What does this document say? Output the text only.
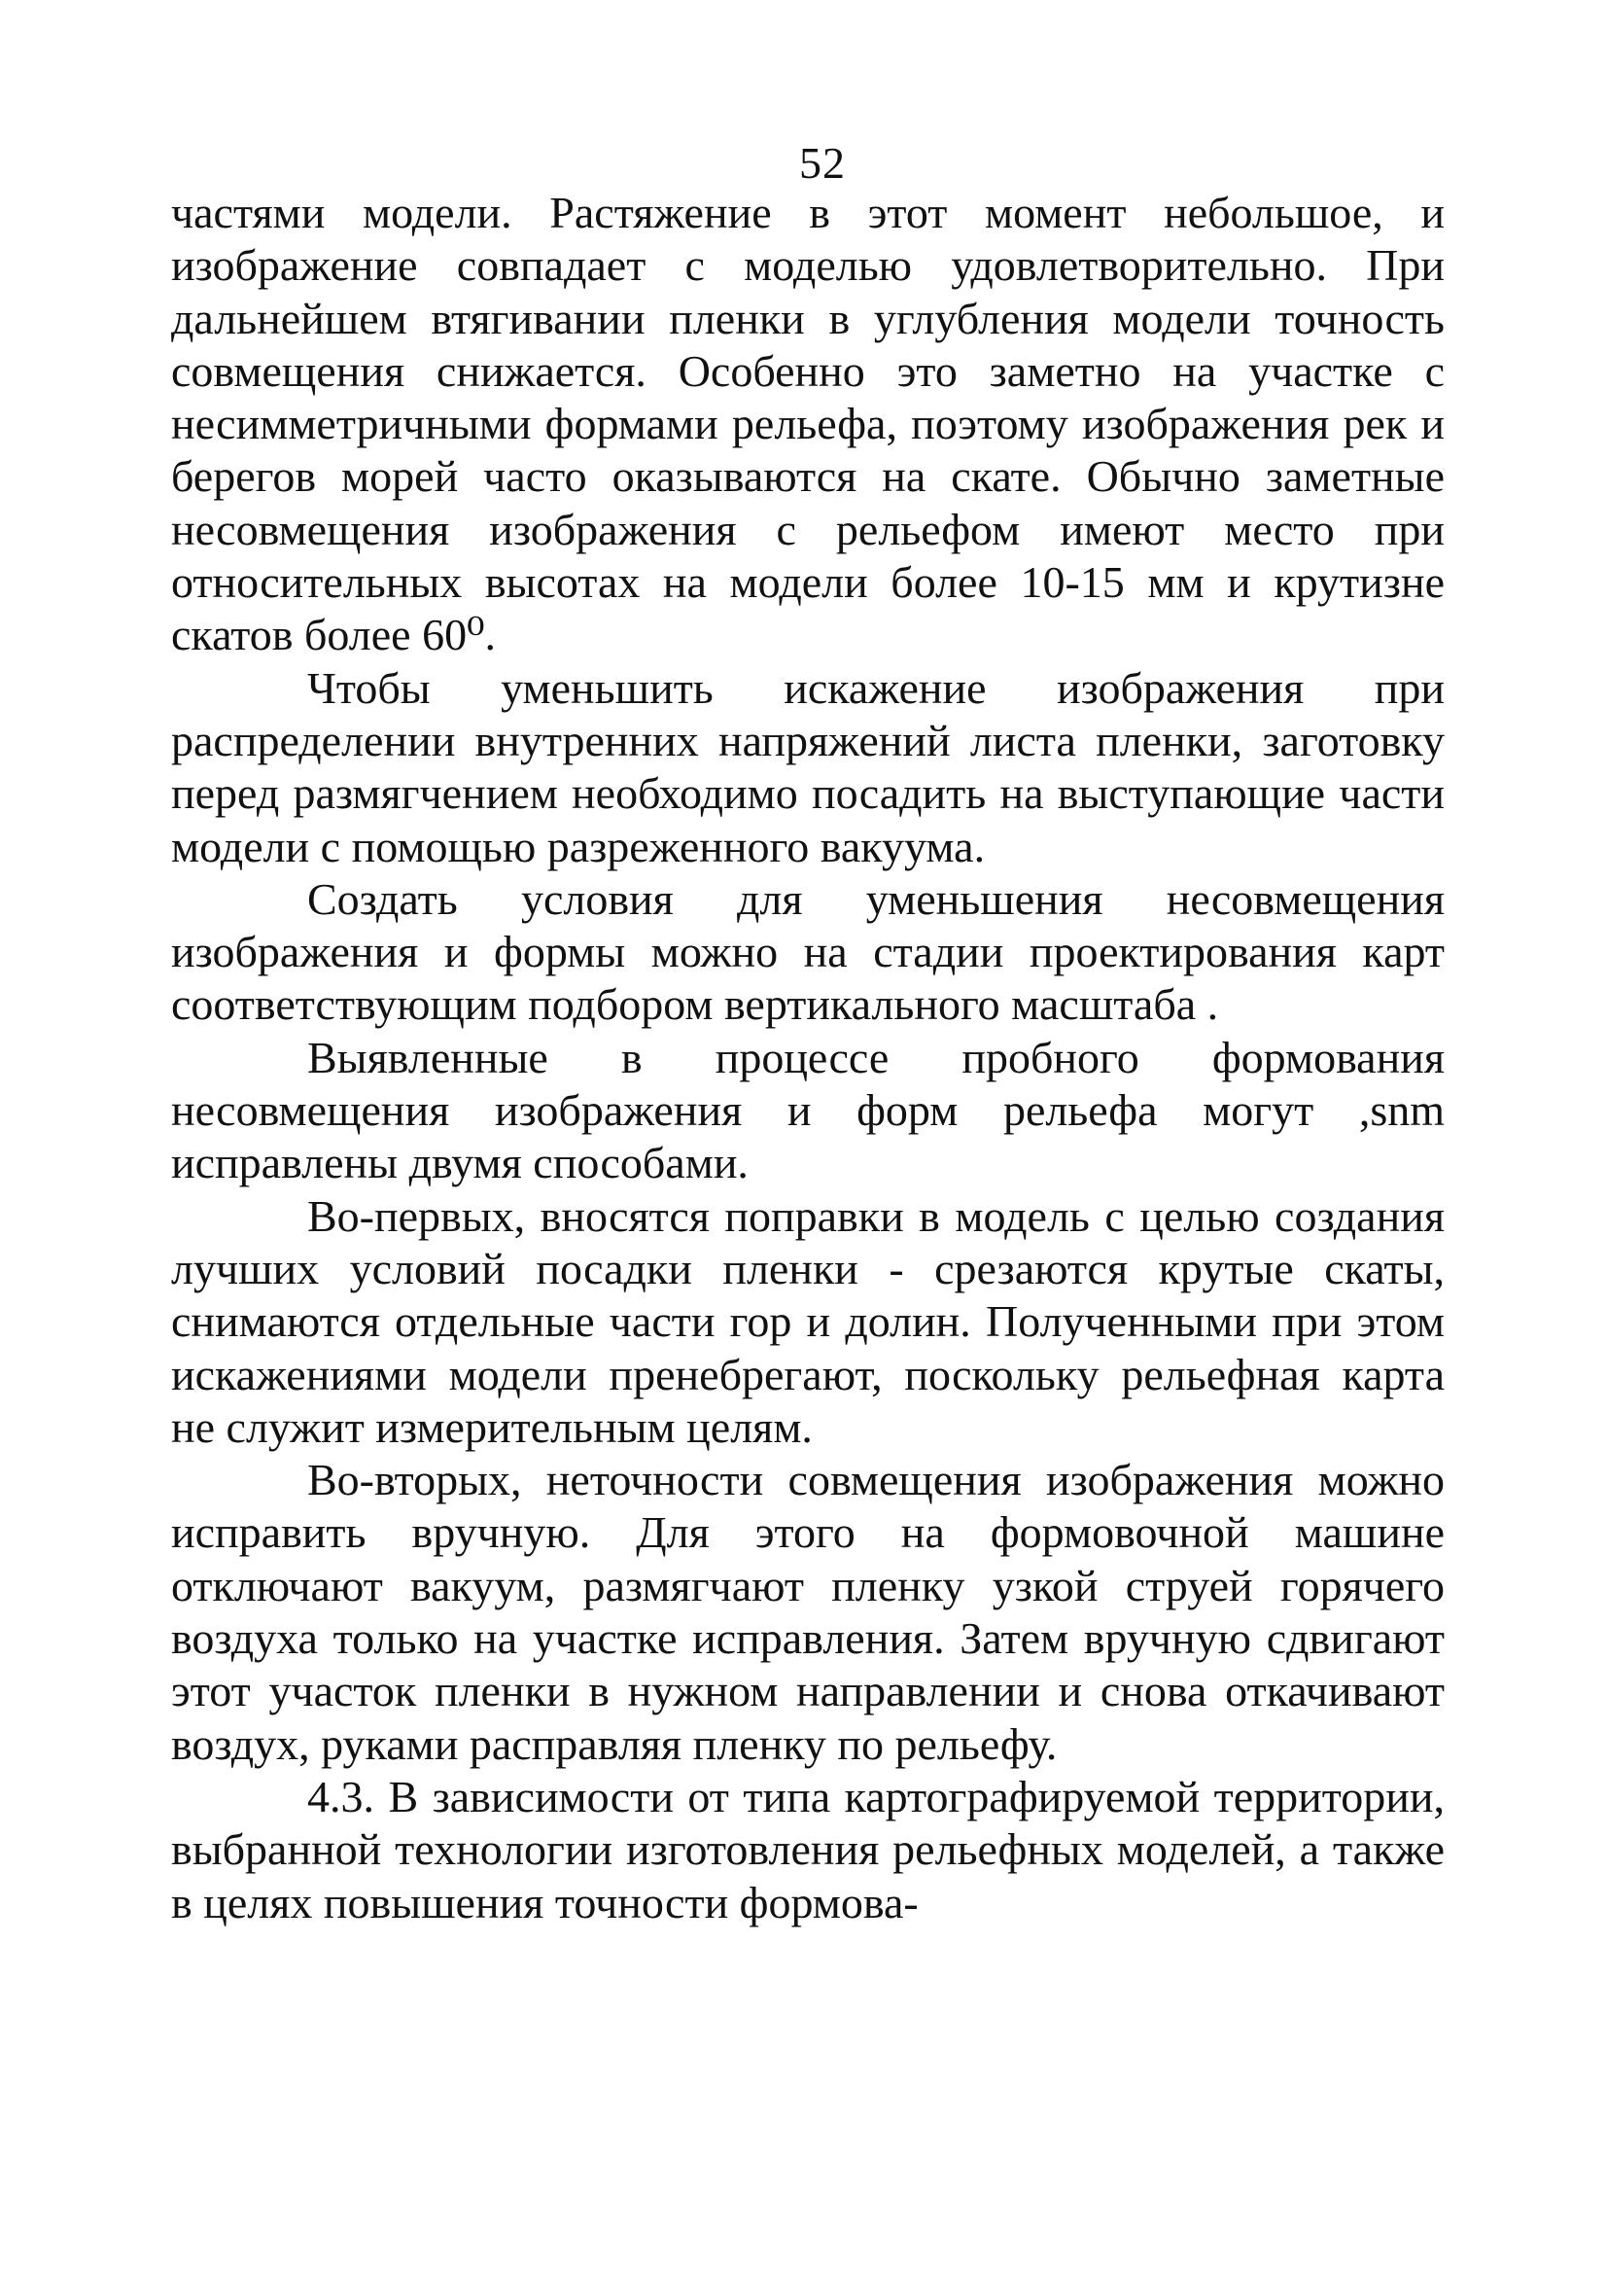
52

частями модели. Растяжение в этот момент небольшое, и изображение совпадает с моделью удовлетворительно. При дальнейшем втягивании пленки в углубления модели точность совмещения снижается. Особенно это заметно на участке с несимметричными формами рельефа, поэтому изображения рек и берегов морей часто оказываются на скате. Обычно заметные несовмещения изображения с рельефом имеют место при относительных высотах на модели более 10-15 мм и крутизне скатов более 60⁰.

Чтобы уменьшить искажение изображения при распределении внутренних напряжений листа пленки, заготовку перед размягчением необходимо посадить на выступающие части модели с помощью разреженного вакуума.

Создать условия для уменьшения несовмещения изображения и формы можно на стадии проектирования карт соответствующим подбором вертикального масштаба .

Выявленные в процессе пробного формования несовмещения изображения и форм рельефа могут ,snm исправлены двумя способами.

Во-первых, вносятся поправки в модель с целью создания лучших условий посадки пленки - срезаются крутые скаты, снимаются отдельные части гор и долин. Полученными при этом искажениями модели пренебрегают, поскольку рельефная карта не служит измерительным целям.

Во-вторых, неточности совмещения изображения можно исправить вручную. Для этого на формовочной машине отключают вакуум, размягчают пленку узкой струей горячего воздуха только на участке исправления. Затем вручную сдвигают этот участок пленки в нужном направлении и снова откачивают воздух, руками расправляя пленку по рельефу.

4.3. В зависимости от типа картографируемой территории, выбранной технологии изготовления рельефных моделей, а также в целях повышения точности формова-
